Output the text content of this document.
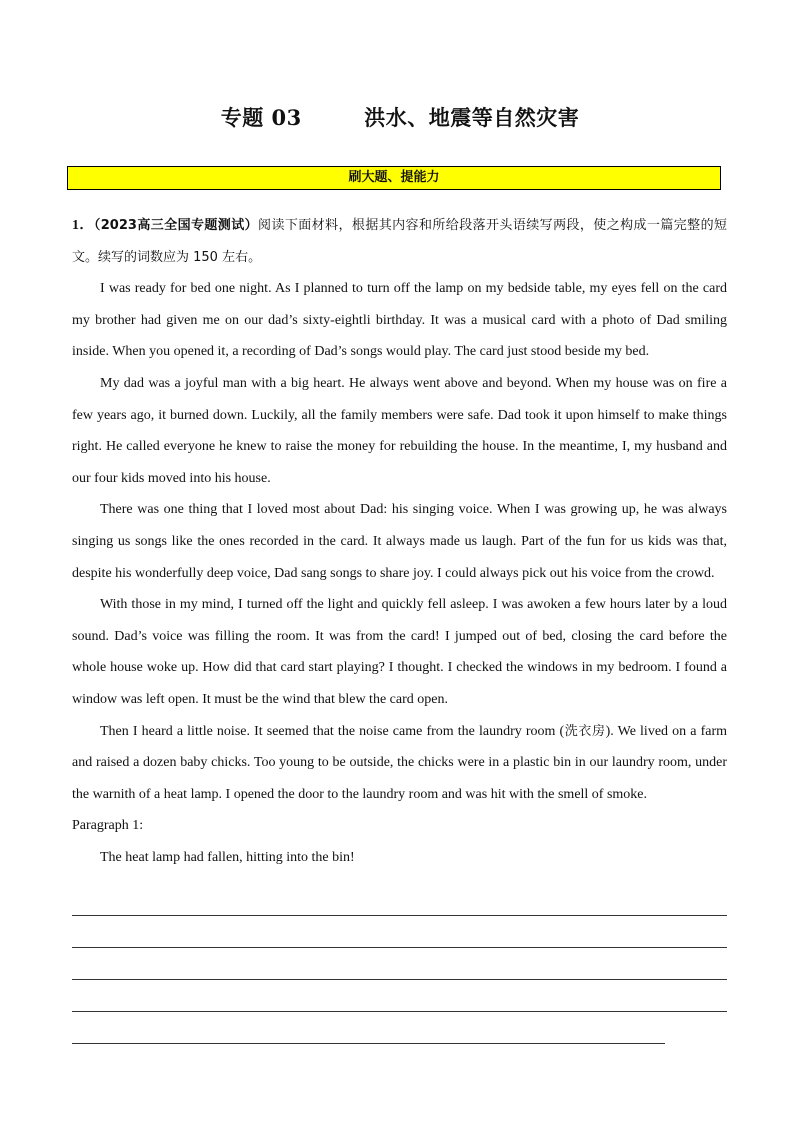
专题 03        洪水、地震等自然灾害
刷大题、提能力

1．（2023高三全国专题测试）阅读下面材料，根据其内容和所给段落开头语续写两段，使之构成一篇完整的短文。续写的词数应为 150 左右。

I was ready for bed one night. As I planned to turn off the lamp on my bedside table, my eyes fell on the card my brother had given me on our dad’s sixty-eightli birthday. It was a musical card with a photo of Dad smiling inside. When you opened it, a recording of Dad’s songs would play. The card just stood beside my bed.

My dad was a joyful man with a big heart. He always went above and beyond. When my house was on fire a few years ago, it burned down. Luckily, all the family members were safe. Dad took it upon himself to make things right. He called everyone he knew to raise the money for rebuilding the house. In the meantime, I, my husband and our four kids moved into his house.

There was one thing that I loved most about Dad: his singing voice. When I was growing up, he was always singing us songs like the ones recorded in the card. It always made us laugh. Part of the fun for us kids was that, despite his wonderfully deep voice, Dad sang songs to share joy. I could always pick out his voice from the crowd.

With those in my mind, I turned off the light and quickly fell asleep. I was awoken a few hours later by a loud sound. Dad’s voice was filling the room. It was from the card! I jumped out of bed, closing the card before the whole house woke up. How did that card start playing? I thought. I checked the windows in my bedroom. I found a window was left open. It must be the wind that blew the card open.

Then I heard a little noise. It seemed that the noise came from the laundry room (洗衣房). We lived on a farm and raised a dozen baby chicks. Too young to be outside, the chicks were in a plastic bin in our laundry room, under the warnith of a heat lamp. I opened the door to the laundry room and was hit with the smell of smoke.

Paragraph 1:

The heat lamp had fallen, hitting into the bin!
